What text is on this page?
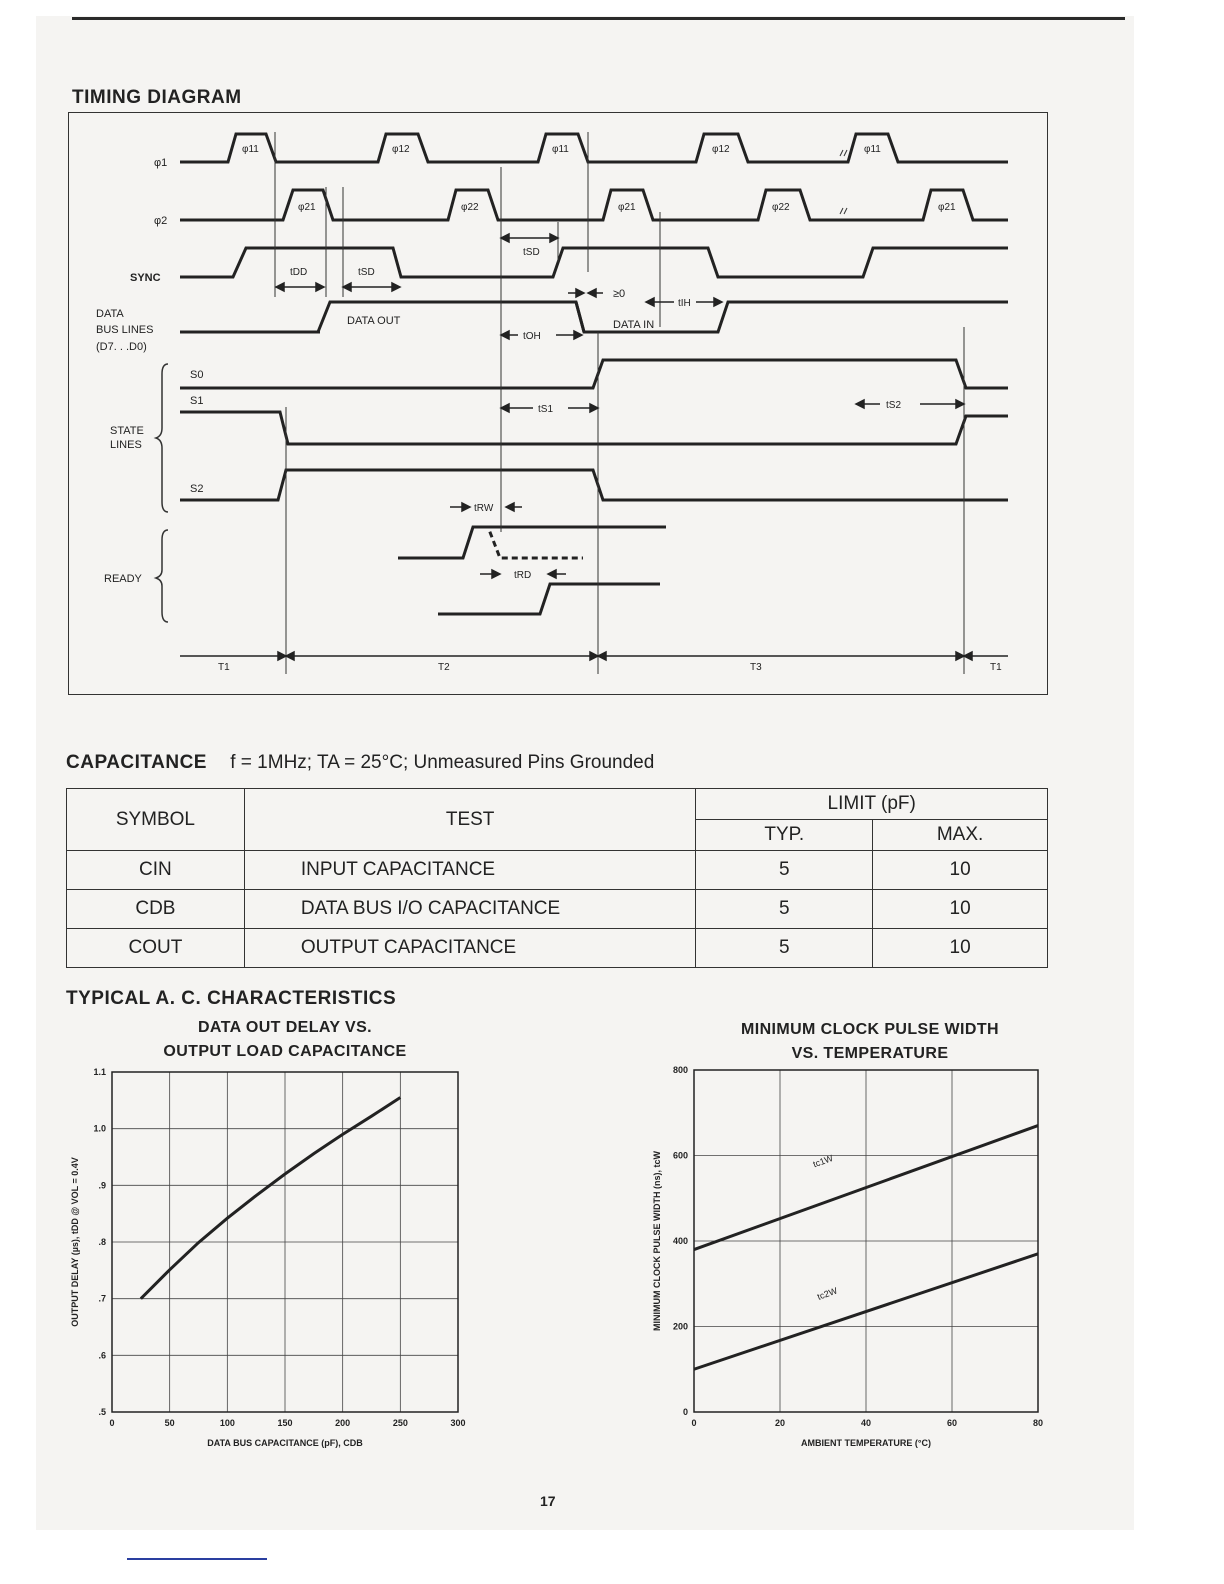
TIMING DIAGRAM
φ1
φ2
SYNC
DATA
BUS LINES
(D7. . .D0)
STATE
LINES
S0
S1
S2
READY
φ11	φ12	φ11	φ12	φ11
φ21	φ22	φ21	φ22	φ21
tDD	tSD
tSD
DATA OUT	DATA IN
≥0
tIH
tOH
tS1	tS2
tRW
tRD
T1	T2	T3	T1
CAPACITANCE f = 1MHz; TA = 25°C; Unmeasured Pins Grounded
SYMBOL	TEST	LIMIT (pF)	
		TYP.	MAX.
CIN	INPUT CAPACITANCE	5	10
CDB	DATA BUS I/O CAPACITANCE	5	10
COUT	OUTPUT CAPACITANCE	5	10
TYPICAL A. C. CHARACTERISTICS
DATA OUT DELAY VS.
OUTPUT LOAD CAPACITANCE
MINIMUM CLOCK PULSE WIDTH
VS. TEMPERATURE
0	50	100	150	200	250	300
.5
.6
.7
.8
.9
1.0
1.1
DATA BUS CAPACITANCE (pF), CDB
OUTPUT DELAY (µs), tDD @ VOL = 0.4V
0	20	40	60	80
0
200
400
600
800
AMBIENT TEMPERATURE (°C)
MINIMUM CLOCK PULSE WIDTH (ns), tcW	tc1W
tc2W
17
